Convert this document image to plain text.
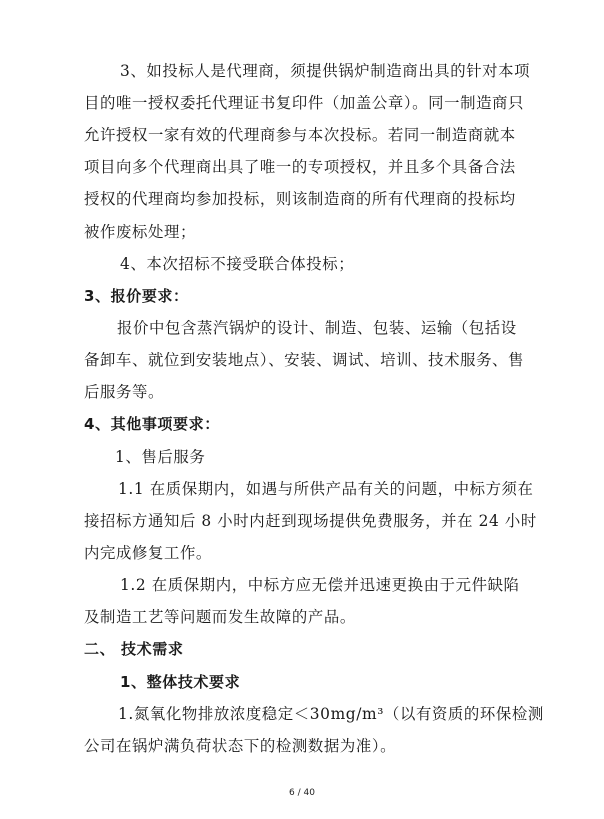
3、如投标人是代理商，须提供锅炉制造商出具的针对本项
目的唯一授权委托代理证书复印件（加盖公章）。同一制造商只
允许授权一家有效的代理商参与本次投标。若同一制造商就本
项目向多个代理商出具了唯一的专项授权，并且多个具备合法
授权的代理商均参加投标，则该制造商的所有代理商的投标均
被作废标处理；
4、本次招标不接受联合体投标；
3、报价要求：
报价中包含蒸汽锅炉的设计、制造、包装、运输（包括设
备卸车、就位到安装地点）、安装、调试、培训、技术服务、售
后服务等。
4、其他事项要求：
1、售后服务
1.1 在质保期内，如遇与所供产品有关的问题，中标方须在
接招标方通知后 8 小时内赶到现场提供免费服务，并在 24 小时
内完成修复工作。
1.2 在质保期内，中标方应无偿并迅速更换由于元件缺陷
及制造工艺等问题而发生故障的产品。
二、 技术需求
1、整体技术要求
1.氮氧化物排放浓度稳定＜30mg/m³（以有资质的环保检测
公司在锅炉满负荷状态下的检测数据为准）。
6 / 40
